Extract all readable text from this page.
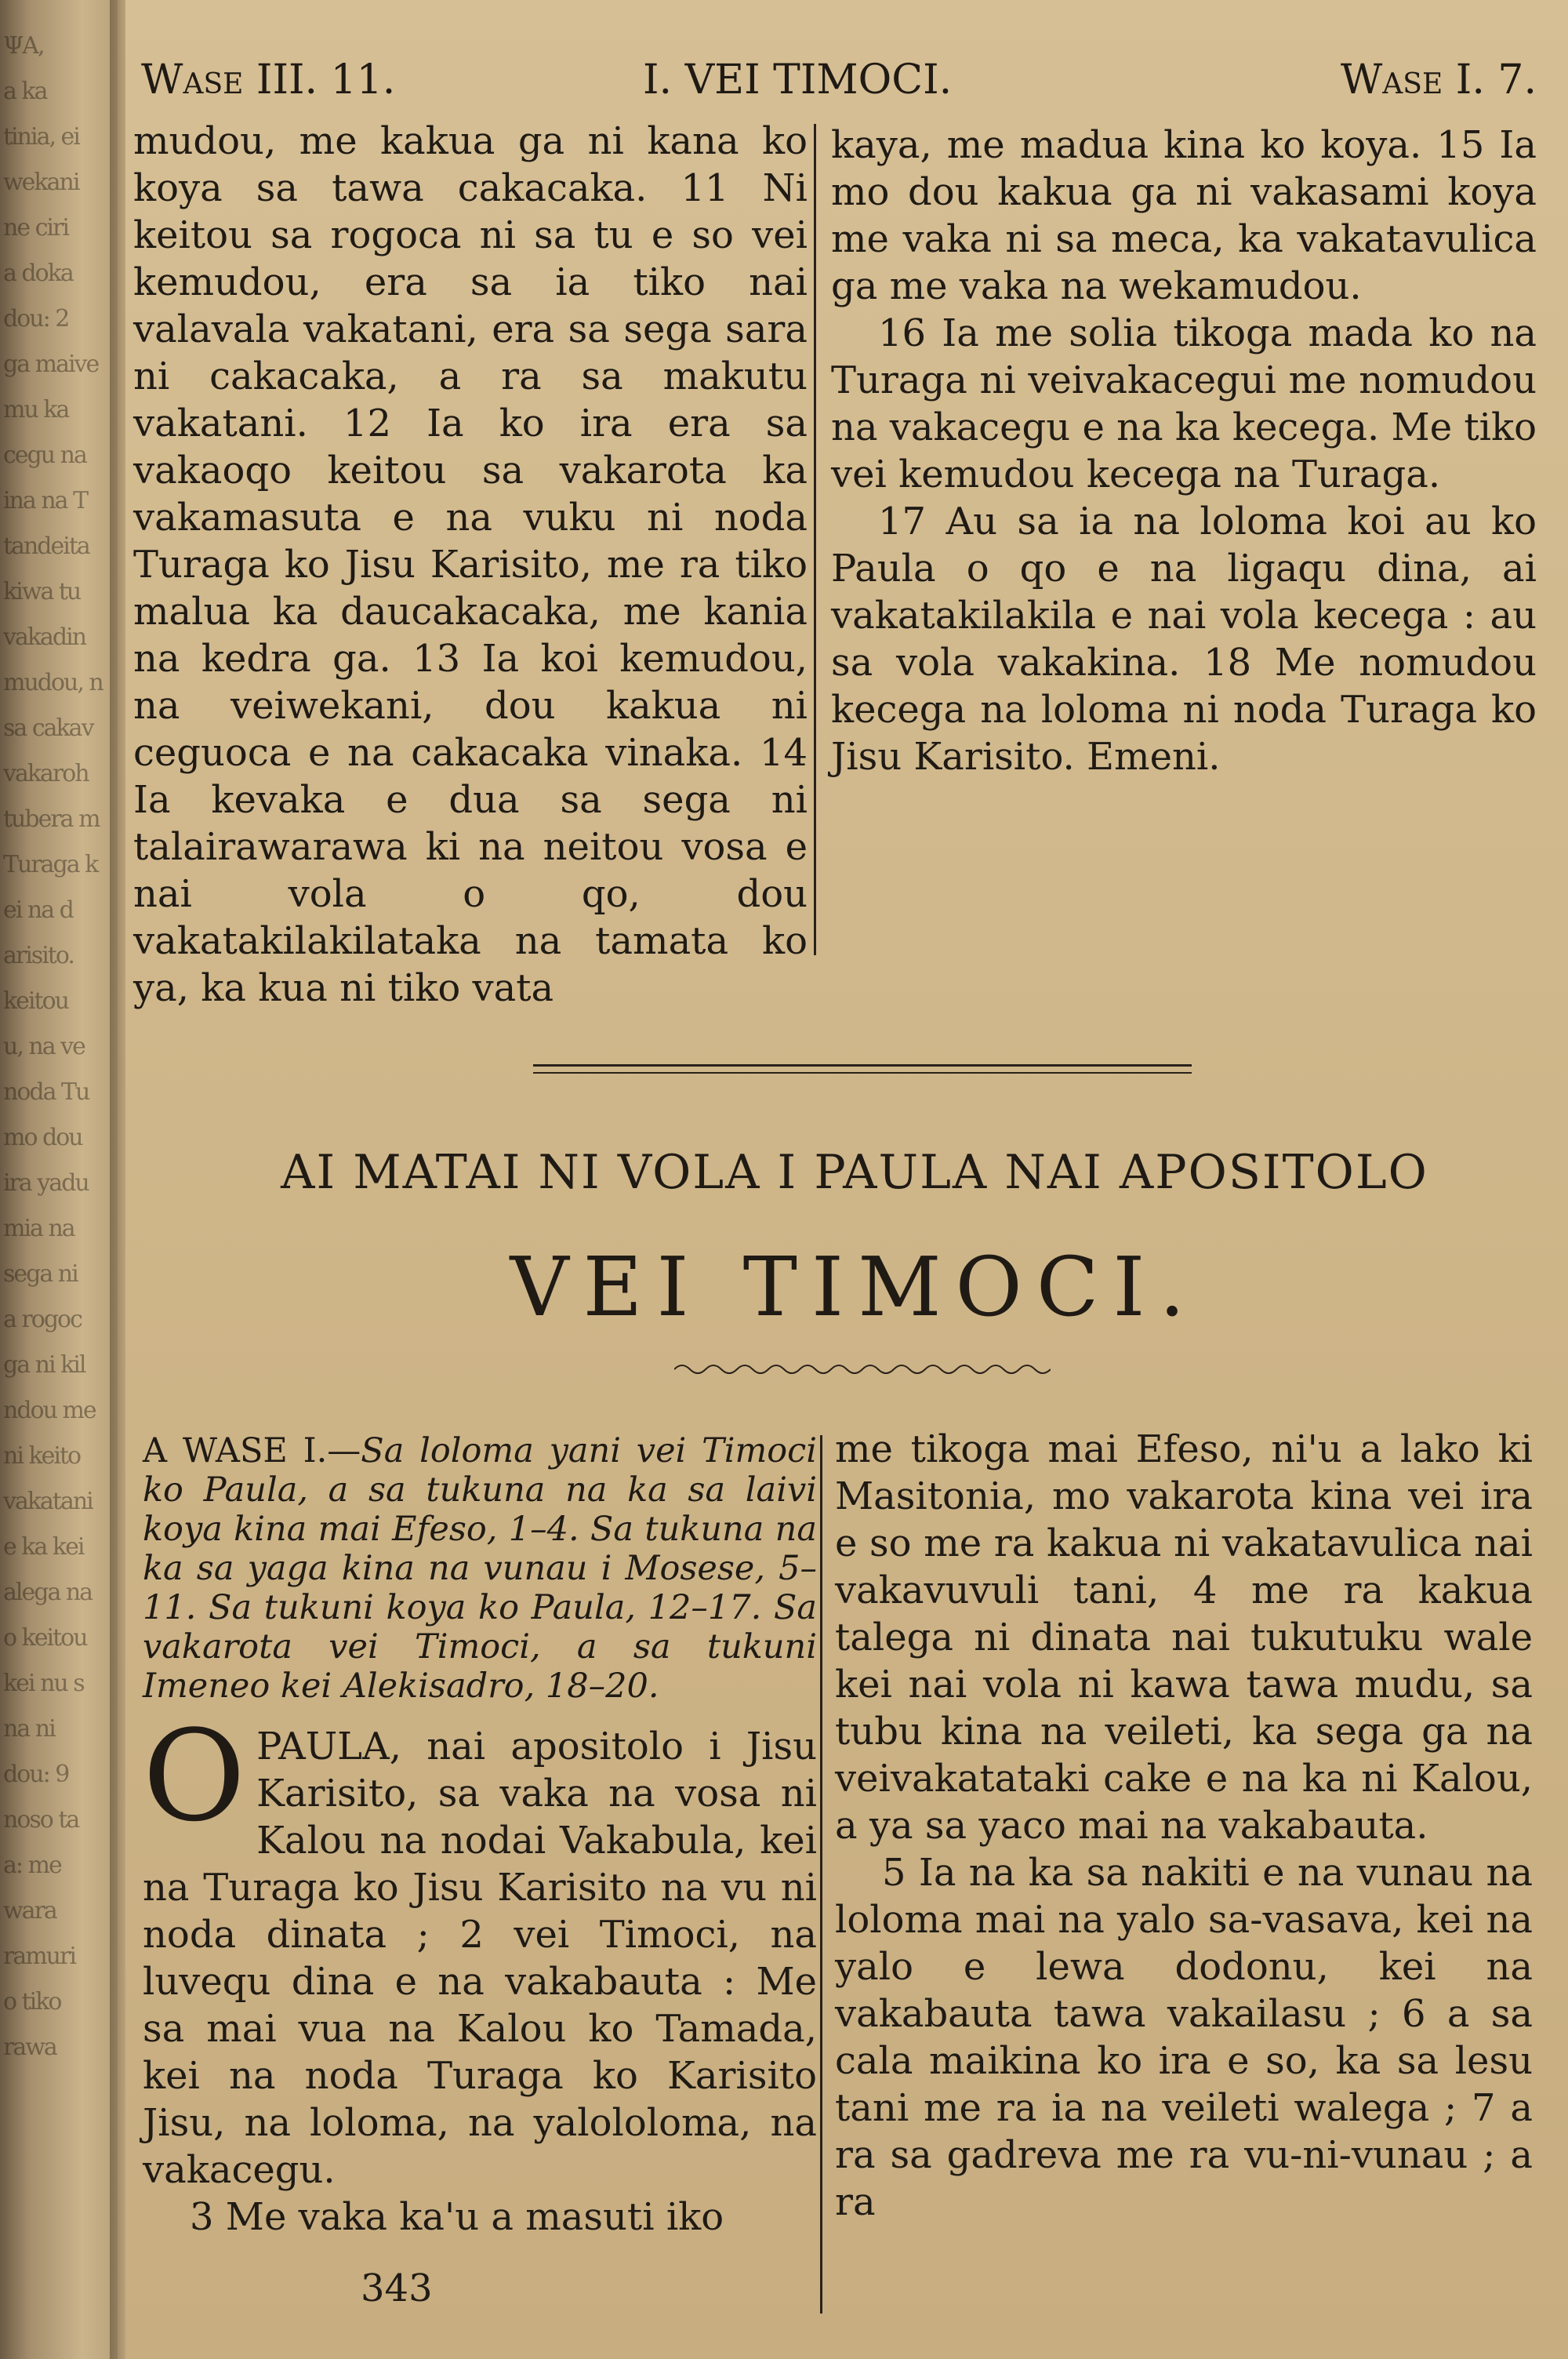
ΨΑ,
a ka
tinia, ei
wekani
ne ciri
a doka
dou: 2
ga maive
mu ka
cegu na
ina na T
tandeita
kiwa tu
vakadin
mudou, n
sa cakav
vakaroh
tubera m
Turaga k
ei na d
arisito.
keitou
u, na ve
noda Tu
mo dou
ira yadu
mia na
sega ni
a rogoc
ga ni kil
ndou me
ni keito
vakatani
e ka kei
alega na
o keitou
kei nu s
na ni
dou: 9
noso ta
a: me
wara
ramuri
o tiko
rawa
Wase III. 11.	I. VEI TIMOCI.	Wase I. 7.

mudou, me kakua ga ni kana ko koya sa tawa cakacaka. 11 Ni keitou sa rogoca ni sa tu e so vei kemudou, era sa ia tiko nai valavala vakatani, era sa sega sara ni cakacaka, a ra sa makutu vakatani. 12 Ia ko ira era sa vakaoqo keitou sa vakarota ka vakamasuta e na vuku ni noda Turaga ko Jisu Karisito, me ra tiko malua ka daucakacaka, me kania na kedra ga. 13 Ia koi kemudou, na veiwekani, dou kakua ni ceguoca e na cakacaka vinaka. 14 Ia kevaka e dua sa sega ni talairawarawa ki na neitou vosa e nai vola o qo, dou vakatakilakilataka na tamata ko ya, ka kua ni tiko vata

kaya, me madua kina ko koya. 15 Ia mo dou kakua ga ni vakasami koya me vaka ni sa meca, ka vakatavulica ga me vaka na wekamudou.

16 Ia me solia tikoga mada ko na Turaga ni veivakacegui me nomudou na vakacegu e na ka kecega. Me tiko vei kemudou kecega na Turaga.

17 Au sa ia na loloma koi au ko Paula o qo e na ligaqu dina, ai vakatakilakila e nai vola kecega : au sa vola vakakina. 18 Me nomudou kecega na loloma ni noda Turaga ko Jisu Karisito. Emeni.

AI MATAI NI VOLA I PAULA NAI APOSITOLO
VEI TIMOCI.
A WASE I.—Sa loloma yani vei Timoci ko Paula, a sa tukuna na ka sa laivi koya kina mai Efeso, 1–4. Sa tukuna na ka sa yaga kina na vunau i Mosese, 5–11. Sa tukuni koya ko Paula, 12–17. Sa vakarota vei Timoci, a sa tukuni Imeneo kei Alekisadro, 18–20.

OPAULA, nai apositolo i Jisu Karisito, sa vaka na vosa ni Kalou na nodai Vakabula, kei na Turaga ko Jisu Karisito na vu ni noda dinata ; 2 vei Timoci, na luvequ dina e na vakabauta : Me sa mai vua na Kalou ko Tamada, kei na noda Turaga ko Karisito Jisu, na loloma, na yalololoma, na vakacegu.

3 Me vaka ka'u a masuti iko

me tikoga mai Efeso, ni'u a lako ki Masitonia, mo vakarota kina vei ira e so me ra kakua ni vakatavulica nai vakavuvuli tani, 4 me ra kakua talega ni dinata nai tukutuku wale kei nai vola ni kawa tawa mudu, sa tubu kina na veileti, ka sega ga na veivakatataki cake e na ka ni Kalou, a ya sa yaco mai na vakabauta.

5 Ia na ka sa nakiti e na vunau na loloma mai na yalo sa-vasava, kei na yalo e lewa dodonu, kei na vakabauta tawa vakailasu ; 6 a sa cala maikina ko ira e so, ka sa lesu tani me ra ia na veileti walega ; 7 a ra sa gadreva me ra vu-ni-vunau ; a ra

343
